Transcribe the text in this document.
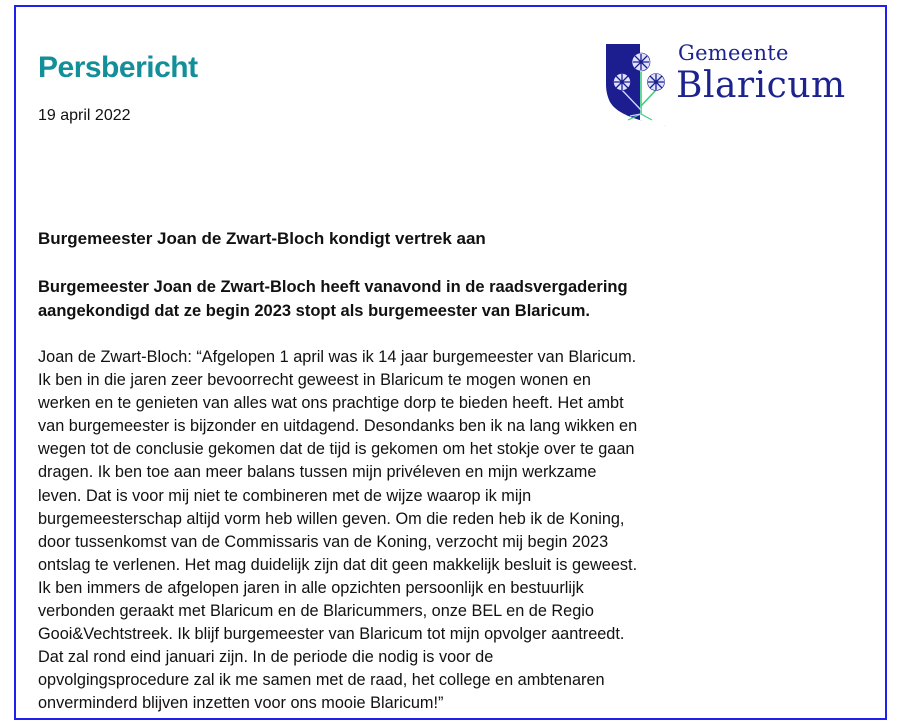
Persbericht
19 april 2022
Gemeente
Blaricum
Burgemeester Joan de Zwart-Bloch kondigt vertrek aan

Burgemeester Joan de Zwart-Bloch heeft vanavond in de raadsvergadering
aangekondigd dat ze begin 2023 stopt als burgemeester van Blaricum.

Joan de Zwart-Bloch: “Afgelopen 1 april was ik 14 jaar burgemeester van Blaricum.
Ik ben in die jaren zeer bevoorrecht geweest in Blaricum te mogen wonen en
werken en te genieten van alles wat ons prachtige dorp te bieden heeft. Het ambt
van burgemeester is bijzonder en uitdagend. Desondanks ben ik na lang wikken en
wegen tot de conclusie gekomen dat de tijd is gekomen om het stokje over te gaan
dragen. Ik ben toe aan meer balans tussen mijn privéleven en mijn werkzame
leven. Dat is voor mij niet te combineren met de wijze waarop ik mijn
burgemeesterschap altijd vorm heb willen geven. Om die reden heb ik de Koning,
door tussenkomst van de Commissaris van de Koning, verzocht mij begin 2023
ontslag te verlenen. Het mag duidelijk zijn dat dit geen makkelijk besluit is geweest.
Ik ben immers de afgelopen jaren in alle opzichten persoonlijk en bestuurlijk
verbonden geraakt met Blaricum en de Blaricummers, onze BEL en de Regio
Gooi&Vechtstreek. Ik blijf burgemeester van Blaricum tot mijn opvolger aantreedt.
Dat zal rond eind januari zijn. In de periode die nodig is voor de
opvolgingsprocedure zal ik me samen met de raad, het college en ambtenaren
onverminderd blijven inzetten voor ons mooie Blaricum!”
